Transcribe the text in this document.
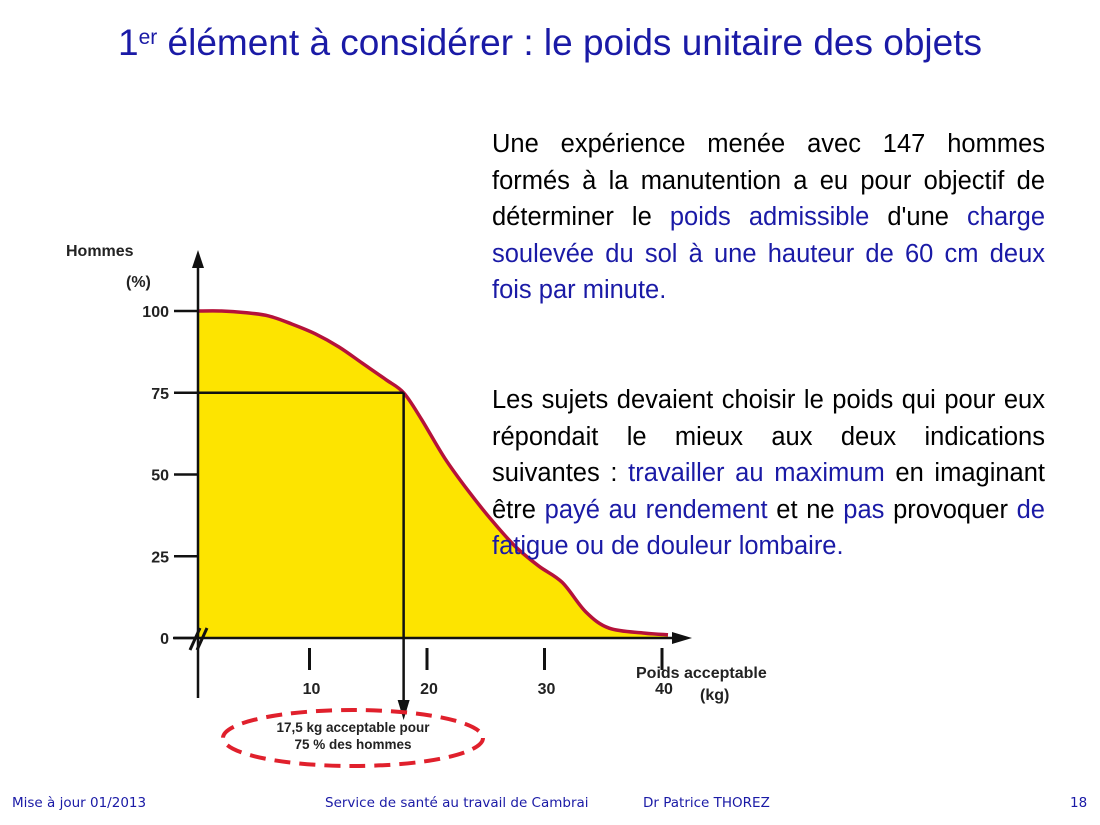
1er élément à considérer : le poids unitaire des objets
0
25
50
75
100
10	20	30	40
Hommes
(%)
Poids acceptable
(kg)
17,5 kg acceptable pour
75 % des hommes
Une expérience menée avec 147 hommes formés à la manutention a eu pour objectif de déterminer le poids admissible d'une charge soulevée du sol à une hauteur de 60 cm deux fois par minute.
Les sujets devaient choisir le poids qui pour eux répondait le mieux aux deux indications suivantes : travailler au maximum en imaginant être payé au rendement et ne pas provoquer de fatigue ou de douleur lombaire.
Mise à jour 01/2013	Service de santé au travail de Cambrai	Dr Patrice THOREZ	18
